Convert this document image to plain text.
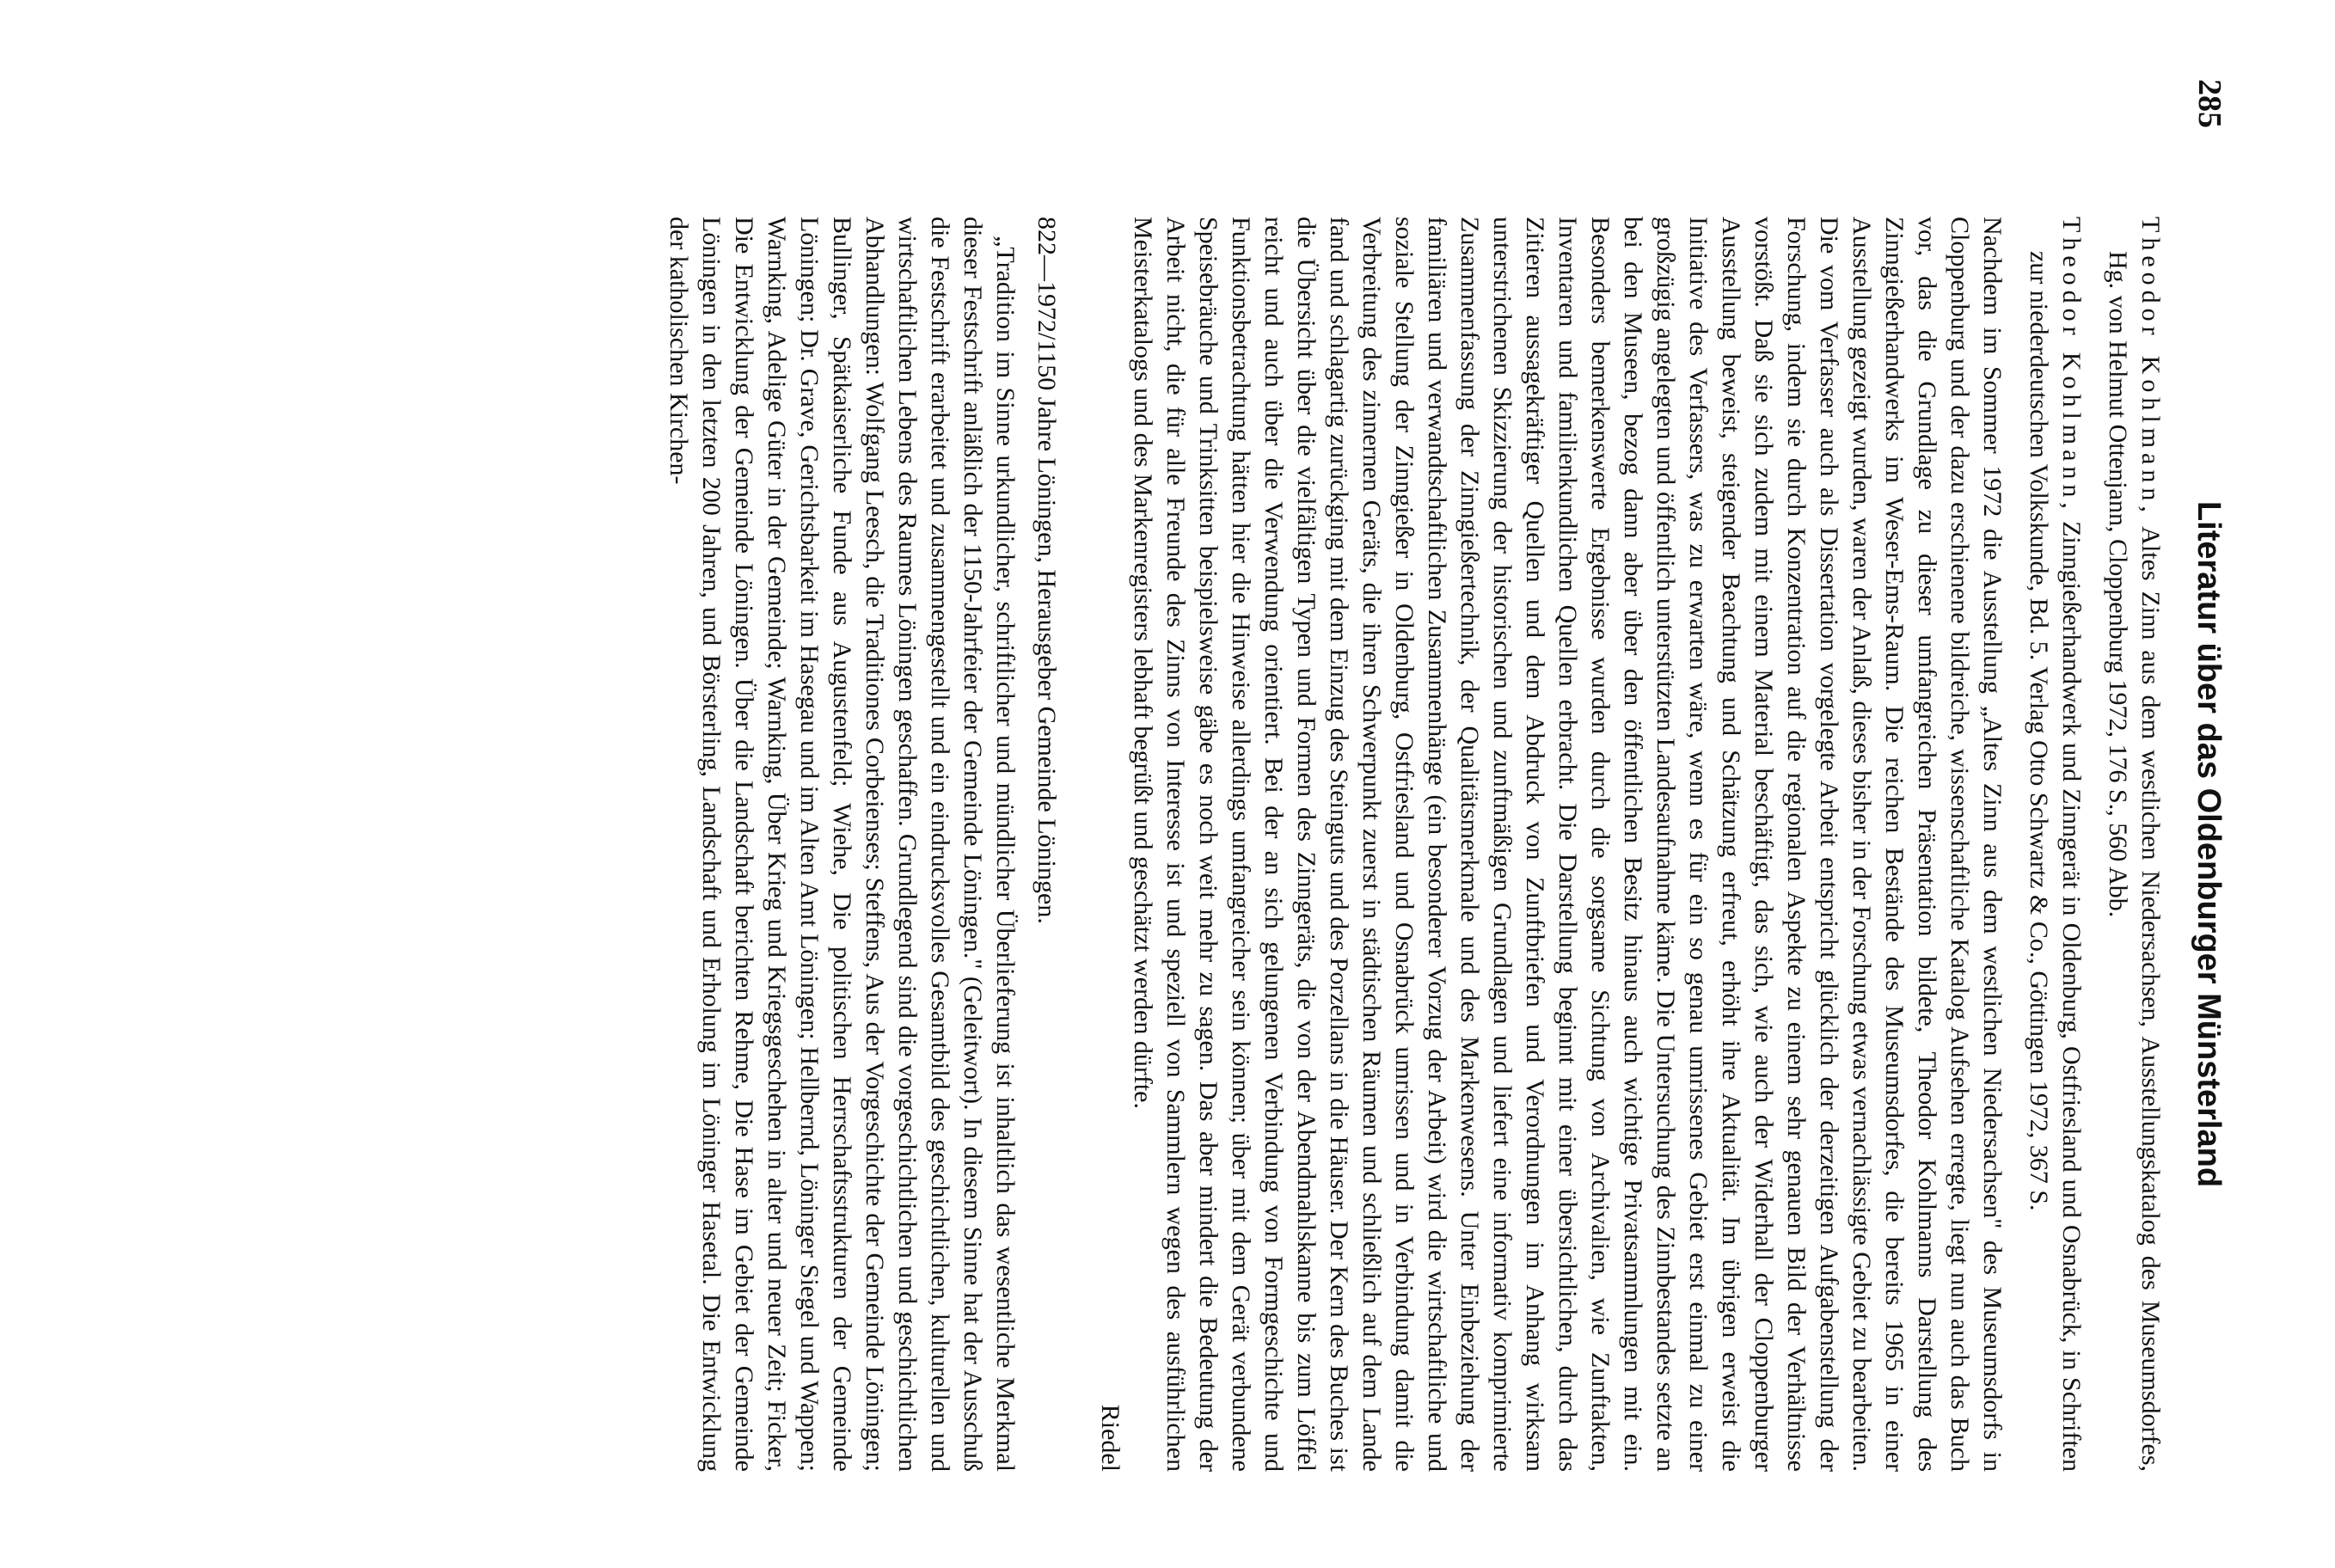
285
Literatur über das Oldenburger Münsterland

Theodor Kohlmann, Altes Zinn aus dem westlichen Niedersachsen, Ausstellungskatalog des Museumsdorfes, Hg. von Helmut Ottenjann, Cloppenburg 1972, 176 S., 560 Abb.

Theodor Kohlmann, Zinngießerhandwerk und Zinngerät in Oldenburg, Ostfriesland und Osnabrück, in Schriften zur niederdeutschen Volkskunde, Bd. 5. Verlag Otto Schwartz & Co., Göttingen 1972, 367 S.

Nachdem im Sommer 1972 die Ausstellung „Altes Zinn aus dem westlichen Niedersachsen" des Museumsdorfs in Cloppenburg und der dazu erschienene bildreiche, wissenschaftliche Katalog Aufsehen erregte, liegt nun auch das Buch vor, das die Grundlage zu dieser umfangreichen Präsentation bildete, Theodor Kohlmanns Darstellung des Zinngießerhandwerks im Weser-Ems-Raum. Die reichen Bestände des Museumsdorfes, die bereits 1965 in einer Ausstellung gezeigt wurden, waren der Anlaß, dieses bisher in der Forschung etwas vernachlässigte Gebiet zu bearbeiten. Die vom Verfasser auch als Dissertation vorgelegte Arbeit entspricht glücklich der derzeitigen Aufgabenstellung der Forschung, indem sie durch Konzentration auf die regionalen Aspekte zu einem sehr genauen Bild der Verhältnisse vorstößt. Daß sie sich zudem mit einem Material beschäftigt, das sich, wie auch der Widerhall der Cloppenburger Ausstellung beweist, steigender Beachtung und Schätzung erfreut, erhöht ihre Aktualität. Im übrigen erweist die Initiative des Verfassers, was zu erwarten wäre, wenn es für ein so genau umrissenes Gebiet erst einmal zu einer großzügig angelegten und öffentlich unterstützten Landesaufnahme käme. Die Untersuchung des Zinnbestandes setzte an bei den Museen, bezog dann aber über den öffentlichen Besitz hinaus auch wichtige Privatsammlungen mit ein. Besonders bemerkenswerte Ergebnisse wurden durch die sorgsame Sichtung von Archivalien, wie Zunftakten, Inventaren und familienkundlichen Quellen erbracht. Die Darstellung beginnt mit einer übersichtlichen, durch das Zitieren aussagekräftiger Quellen und dem Abdruck von Zunftbriefen und Verordnungen im Anhang wirksam unterstrichenen Skizzierung der historischen und zunftmäßigen Grundlagen und liefert eine informativ komprimierte Zusammenfassung der Zinngießertechnik, der Qualitätsmerkmale und des Markenwesens. Unter Einbeziehung der familiären und verwandtschaftlichen Zusammenhänge (ein besonderer Vorzug der Arbeit) wird die wirtschaftliche und soziale Stellung der Zinngießer in Oldenburg, Ostfriesland und Osnabrück umrissen und in Verbindung damit die Verbreitung des zinnernen Geräts, die ihren Schwerpunkt zuerst in städtischen Räumen und schließlich auf dem Lande fand und schlagartig zurückging mit dem Einzug des Steinguts und des Porzellans in die Häuser. Der Kern des Buches ist die Übersicht über die vielfältigen Typen und Formen des Zinngeräts, die von der Abendmahlskanne bis zum Löffel reicht und auch über die Verwendung orientiert. Bei der an sich gelungenen Verbindung von Formgeschichte und Funktionsbetrachtung hätten hier die Hinweise allerdings umfangreicher sein können; über mit dem Gerät verbundene Speisebräuche und Trinksitten beispielsweise gäbe es noch weit mehr zu sagen. Das aber mindert die Bedeutung der Arbeit nicht, die für alle Freunde des Zinns von Interesse ist und speziell von Sammlern wegen des ausführlichen Meisterkatalogs und des Markenregisters lebhaft begrüßt und geschätzt werden dürfte.

Riedel

822—1972/1150 Jahre Löningen, Herausgeber Gemeinde Löningen.

„Tradition im Sinne urkundlicher, schriftlicher und mündlicher Überlieferung ist inhaltlich das wesentliche Merkmal dieser Festschrift anläßlich der 1150-Jahrfeier der Gemeinde Löningen." (Geleitwort). In diesem Sinne hat der Ausschuß die Festschrift erarbeitet und zusammengestellt und ein eindrucksvolles Gesamtbild des geschichtlichen, kulturellen und wirtschaftlichen Lebens des Raumes Löningen geschaffen. Grundlegend sind die vorgeschichtlichen und geschichtlichen Abhandlungen: Wolfgang Leesch, die Traditiones Corbeienses; Steffens, Aus der Vorgeschichte der Gemeinde Löningen; Bullinger, Spätkaiserliche Funde aus Augustenfeld; Wiehe, Die politischen Herrschaftsstrukturen der Gemeinde Löningen; Dr. Grave, Gerichtsbarkeit im Hasegau und im Alten Amt Löningen; Hellbernd, Löninger Siegel und Wappen; Warnking, Adelige Güter in der Gemeinde; Warnking, Über Krieg und Kriegsgeschehen in alter und neuer Zeit; Ficker, Die Entwicklung der Gemeinde Löningen. Über die Landschaft berichten Rehme, Die Hase im Gebiet der Gemeinde Löningen in den letzten 200 Jahren, und Börsterling, Landschaft und Erholung im Löninger Hasetal. Die Entwicklung der katholischen Kirchen-
